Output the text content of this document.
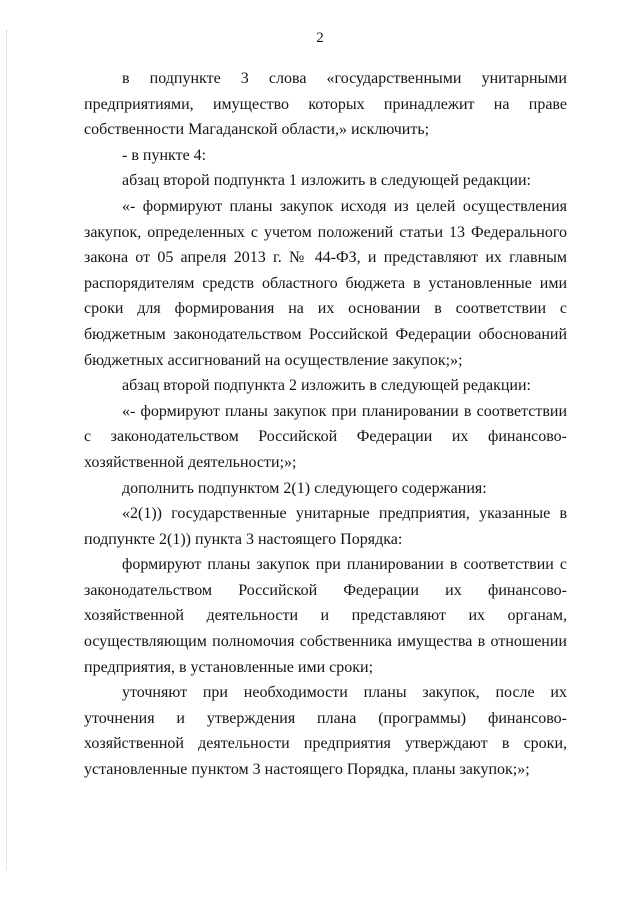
2

в подпункте 3 слова «государственными унитарными предприятиями, имущество которых принадлежит на праве собственности Магаданской области,» исключить;

- в пункте 4:

абзац второй подпункта 1 изложить в следующей редакции:

«- формируют планы закупок исходя из целей осуществления закупок, определенных с учетом положений статьи 13 Федерального закона от 05 апреля 2013 г. № 44-ФЗ, и представляют их главным распорядителям средств областного бюджета в установленные ими сроки для формирования на их основании в соответствии с бюджетным законодательством Российской Федерации обоснований бюджетных ассигнований на осуществление закупок;»;

абзац второй подпункта 2 изложить в следующей редакции:

«- формируют планы закупок при планировании в соответствии с законодательством Российской Федерации их финансово-хозяйственной деятельности;»;

дополнить подпунктом 2(1) следующего содержания:

«2(1)) государственные унитарные предприятия, указанные в подпункте 2(1)) пункта 3 настоящего Порядка:

формируют планы закупок при планировании в соответствии с законодательством Российской Федерации их финансово-хозяйственной деятельности и представляют их органам, осуществляющим полномочия собственника имущества в отношении предприятия, в установленные ими сроки;

уточняют при необходимости планы закупок, после их уточнения и утверждения плана (программы) финансово-хозяйственной деятельности предприятия утверждают в сроки, установленные пунктом 3 настоящего Порядка, планы закупок;»;
